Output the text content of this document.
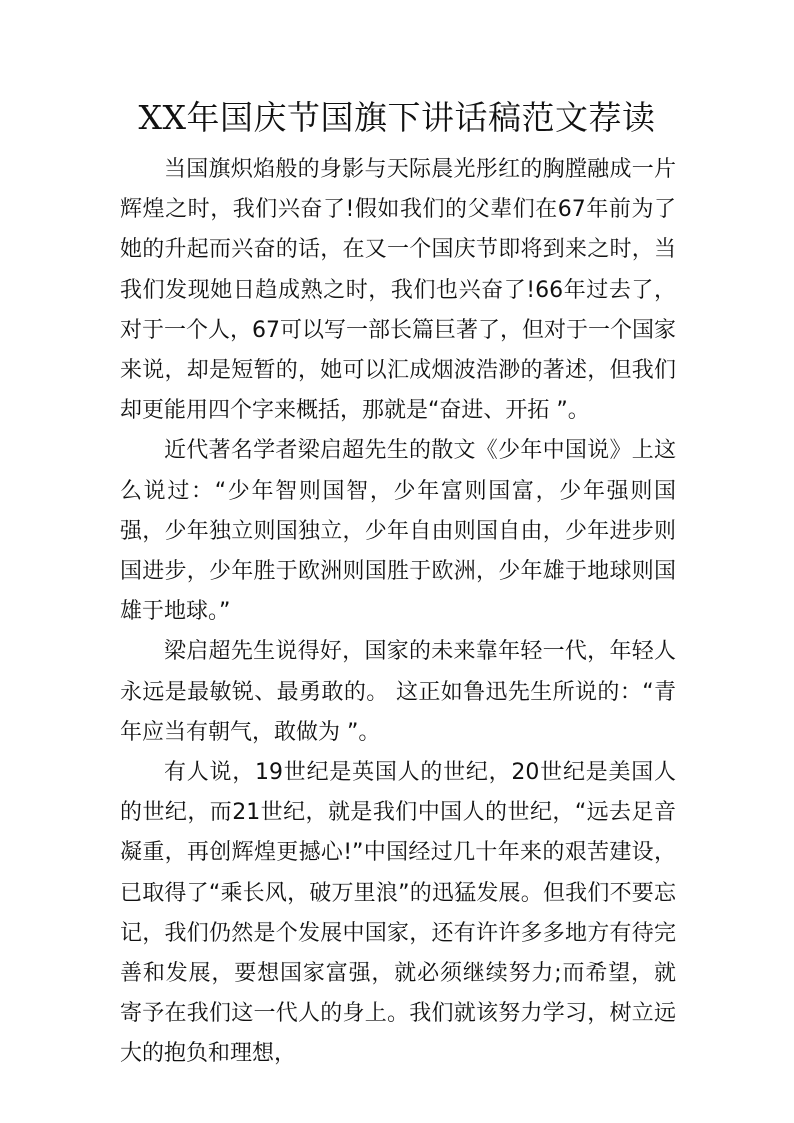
XX年国庆节国旗下讲话稿范文荐读

当国旗炽焰般的身影与天际晨光彤红的胸膛融成一片辉煌之时，我们兴奋了!假如我们的父辈们在67年前为了她的升起而兴奋的话，在又一个国庆节即将到来之时，当我们发现她日趋成熟之时，我们也兴奋了!66年过去了，对于一个人，67可以写一部长篇巨著了，但对于一个国家来说，却是短暂的，她可以汇成烟波浩渺的著述，但我们却更能用四个字来概括，那就是“奋进、开拓 ”。

近代著名学者梁启超先生的散文《少年中国说》上这么说过：“少年智则国智，少年富则国富，少年强则国强，少年独立则国独立，少年自由则国自由，少年进步则国进步，少年胜于欧洲则国胜于欧洲，少年雄于地球则国雄于地球。”

梁启超先生说得好，国家的未来靠年轻一代，年轻人永远是最敏锐、最勇敢的。 这正如鲁迅先生所说的：“青年应当有朝气，敢做为 ”。

有人说，19世纪是英国人的世纪，20世纪是美国人的世纪，而21世纪，就是我们中国人的世纪，“远去足音凝重，再创辉煌更撼心!”中国经过几十年来的艰苦建设，已取得了“乘长风，破万里浪”的迅猛发展。但我们不要忘记，我们仍然是个发展中国家，还有许许多多地方有待完善和发展，要想国家富强，就必须继续努力;而希望，就寄予在我们这一代人的身上。我们就该努力学习，树立远大的抱负和理想，
